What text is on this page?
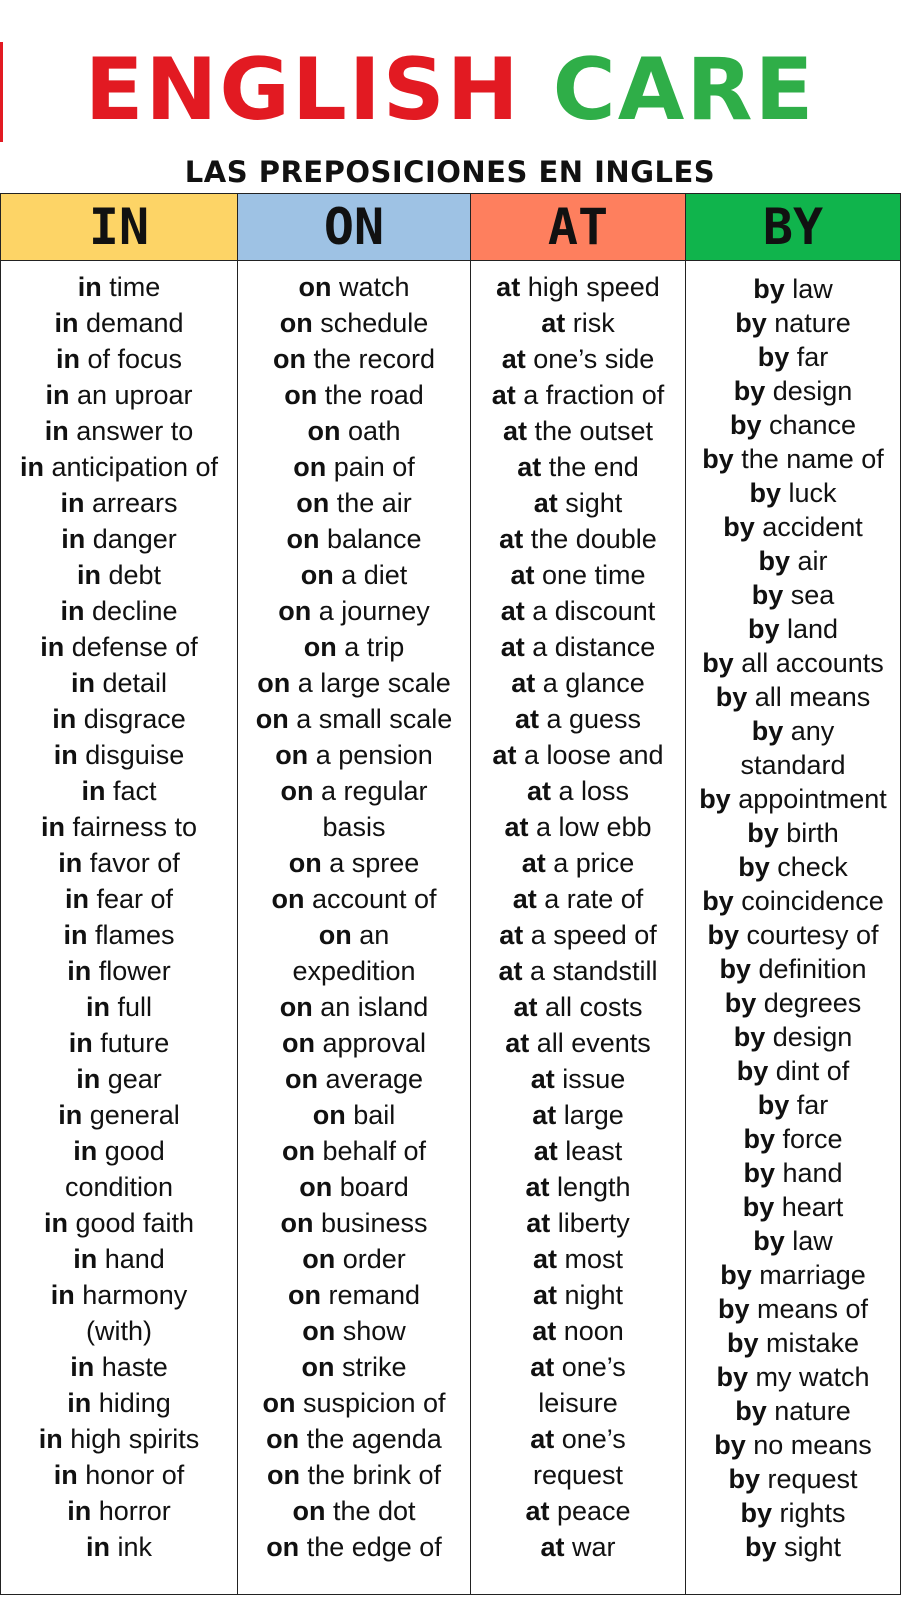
ENGLISH CARE
LAS PREPOSICIONES EN INGLES
IN
in time
in demand
in of focus
in an uproar
in answer to
in anticipation of
in arrears
in danger
in debt
in decline
in defense of
in detail
in disgrace
in disguise
in fact
in fairness to
in favor of
in fear of
in flames
in flower
in full
in future
in gear
in general
in good
condition
in good faith
in hand
in harmony
(with)
in haste
in hiding
in high spirits
in honor of
in horror
in ink
ON
on watch
on schedule
on the record
on the road
on oath
on pain of
on the air
on balance
on a diet
on a journey
on a trip
on a large scale
on a small scale
on a pension
on a regular
basis
on a spree
on account of
on an
expedition
on an island
on approval
on average
on bail
on behalf of
on board
on business
on order
on remand
on show
on strike
on suspicion of
on the agenda
on the brink of
on the dot
on the edge of
AT
at high speed
at risk
at one’s side
at a fraction of
at the outset
at the end
at sight
at the double
at one time
at a discount
at a distance
at a glance
at a guess
at a loose and
at a loss
at a low ebb
at a price
at a rate of
at a speed of
at a standstill
at all costs
at all events
at issue
at large
at least
at length
at liberty
at most
at night
at noon
at one’s
leisure
at one’s
request
at peace
at war
BY
by law
by nature
by far
by design
by chance
by the name of
by luck
by accident
by air
by sea
by land
by all accounts
by all means
by any
standard
by appointment
by birth
by check
by coincidence
by courtesy of
by definition
by degrees
by design
by dint of
by far
by force
by hand
by heart
by law
by marriage
by means of
by mistake
by my watch
by nature
by no means
by request
by rights
by sight
